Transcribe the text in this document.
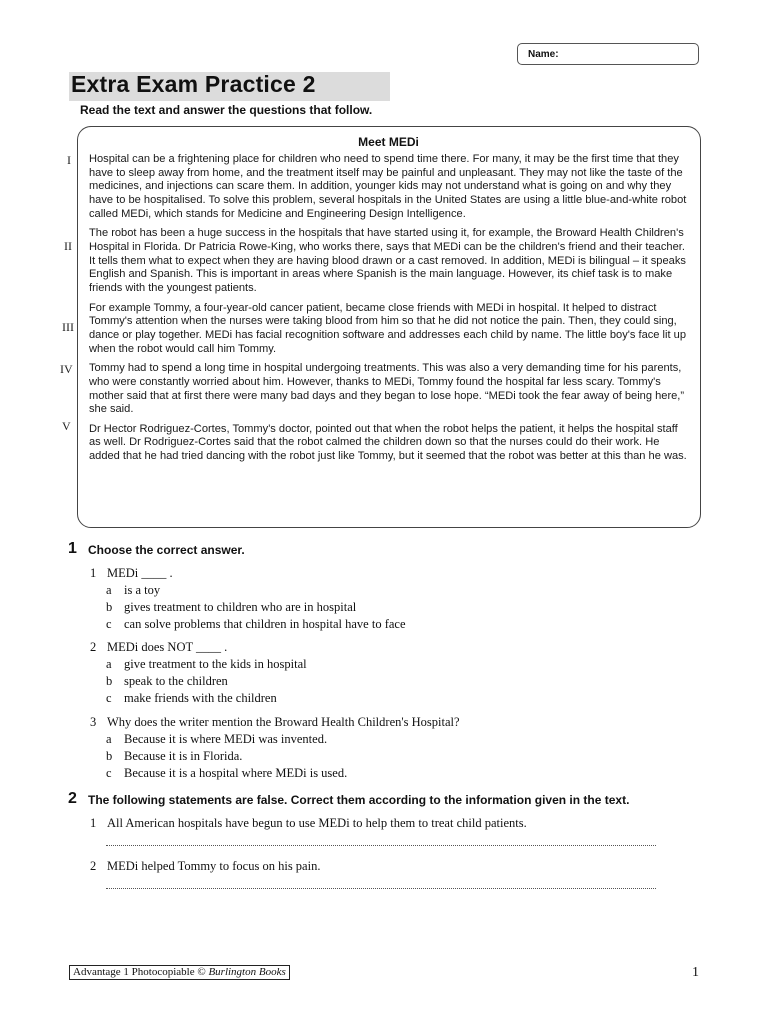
Name:
Extra Exam Practice 2

Read the text and answer the questions that follow.

I
II
III
IV
V

Meet MEDi

Hospital can be a frightening place for children who need to spend time there. For many, it may be the first time that they have to sleep away from home, and the treatment itself may be painful and unpleasant. They may not like the taste of the medicines, and injections can scare them. In addition, younger kids may not understand what is going on and why they have to be hospitalised. To solve this problem, several hospitals in the United States are using a little blue-and-white robot called MEDi, which stands for Medicine and Engineering Design Intelligence.

The robot has been a huge success in the hospitals that have started using it, for example, the Broward Health Children's Hospital in Florida. Dr Patricia Rowe-King, who works there, says that MEDi can be the children's friend and their teacher. It tells them what to expect when they are having blood drawn or a cast removed. In addition, MEDi is bilingual – it speaks English and Spanish. This is important in areas where Spanish is the main language. However, its chief task is to make friends with the youngest patients.

For example Tommy, a four-year-old cancer patient, became close friends with MEDi in hospital. It helped to distract Tommy's attention when the nurses were taking blood from him so that he did not notice the pain. Then, they could sing, dance or play together. MEDi has facial recognition software and addresses each child by name. The little boy's face lit up when the robot would call him Tommy.

Tommy had to spend a long time in hospital undergoing treatments. This was also a very demanding time for his parents, who were constantly worried about him. However, thanks to MEDi, Tommy found the hospital far less scary. Tommy's mother said that at first there were many bad days and they began to lose hope. “MEDi took the fear away of being here,” she said.

Dr Hector Rodriguez-Cortes, Tommy's doctor, pointed out that when the robot helps the patient, it helps the hospital staff as well. Dr Rodriguez-Cortes said that the robot calmed the children down so that the nurses could do their work. He added that he had tried dancing with the robot just like Tommy, but it seemed that the robot was better at this than he was.

1 Choose the correct answer.
1 MEDi ____ .
a is a toy
b gives treatment to children who are in hospital
c can solve problems that children in hospital have to face
2 MEDi does NOT ____ .
a give treatment to the kids in hospital
b speak to the children
c make friends with the children
3 Why does the writer mention the Broward Health Children's Hospital?
a Because it is where MEDi was invented.
b Because it is in Florida.
c Because it is a hospital where MEDi is used.
2 The following statements are false. Correct them according to the information given in the text.
1 All American hospitals have begun to use MEDi to help them to treat child patients.
2 MEDi helped Tommy to focus on his pain.
Advantage 1 Photocopiable © Burlington Books	1
